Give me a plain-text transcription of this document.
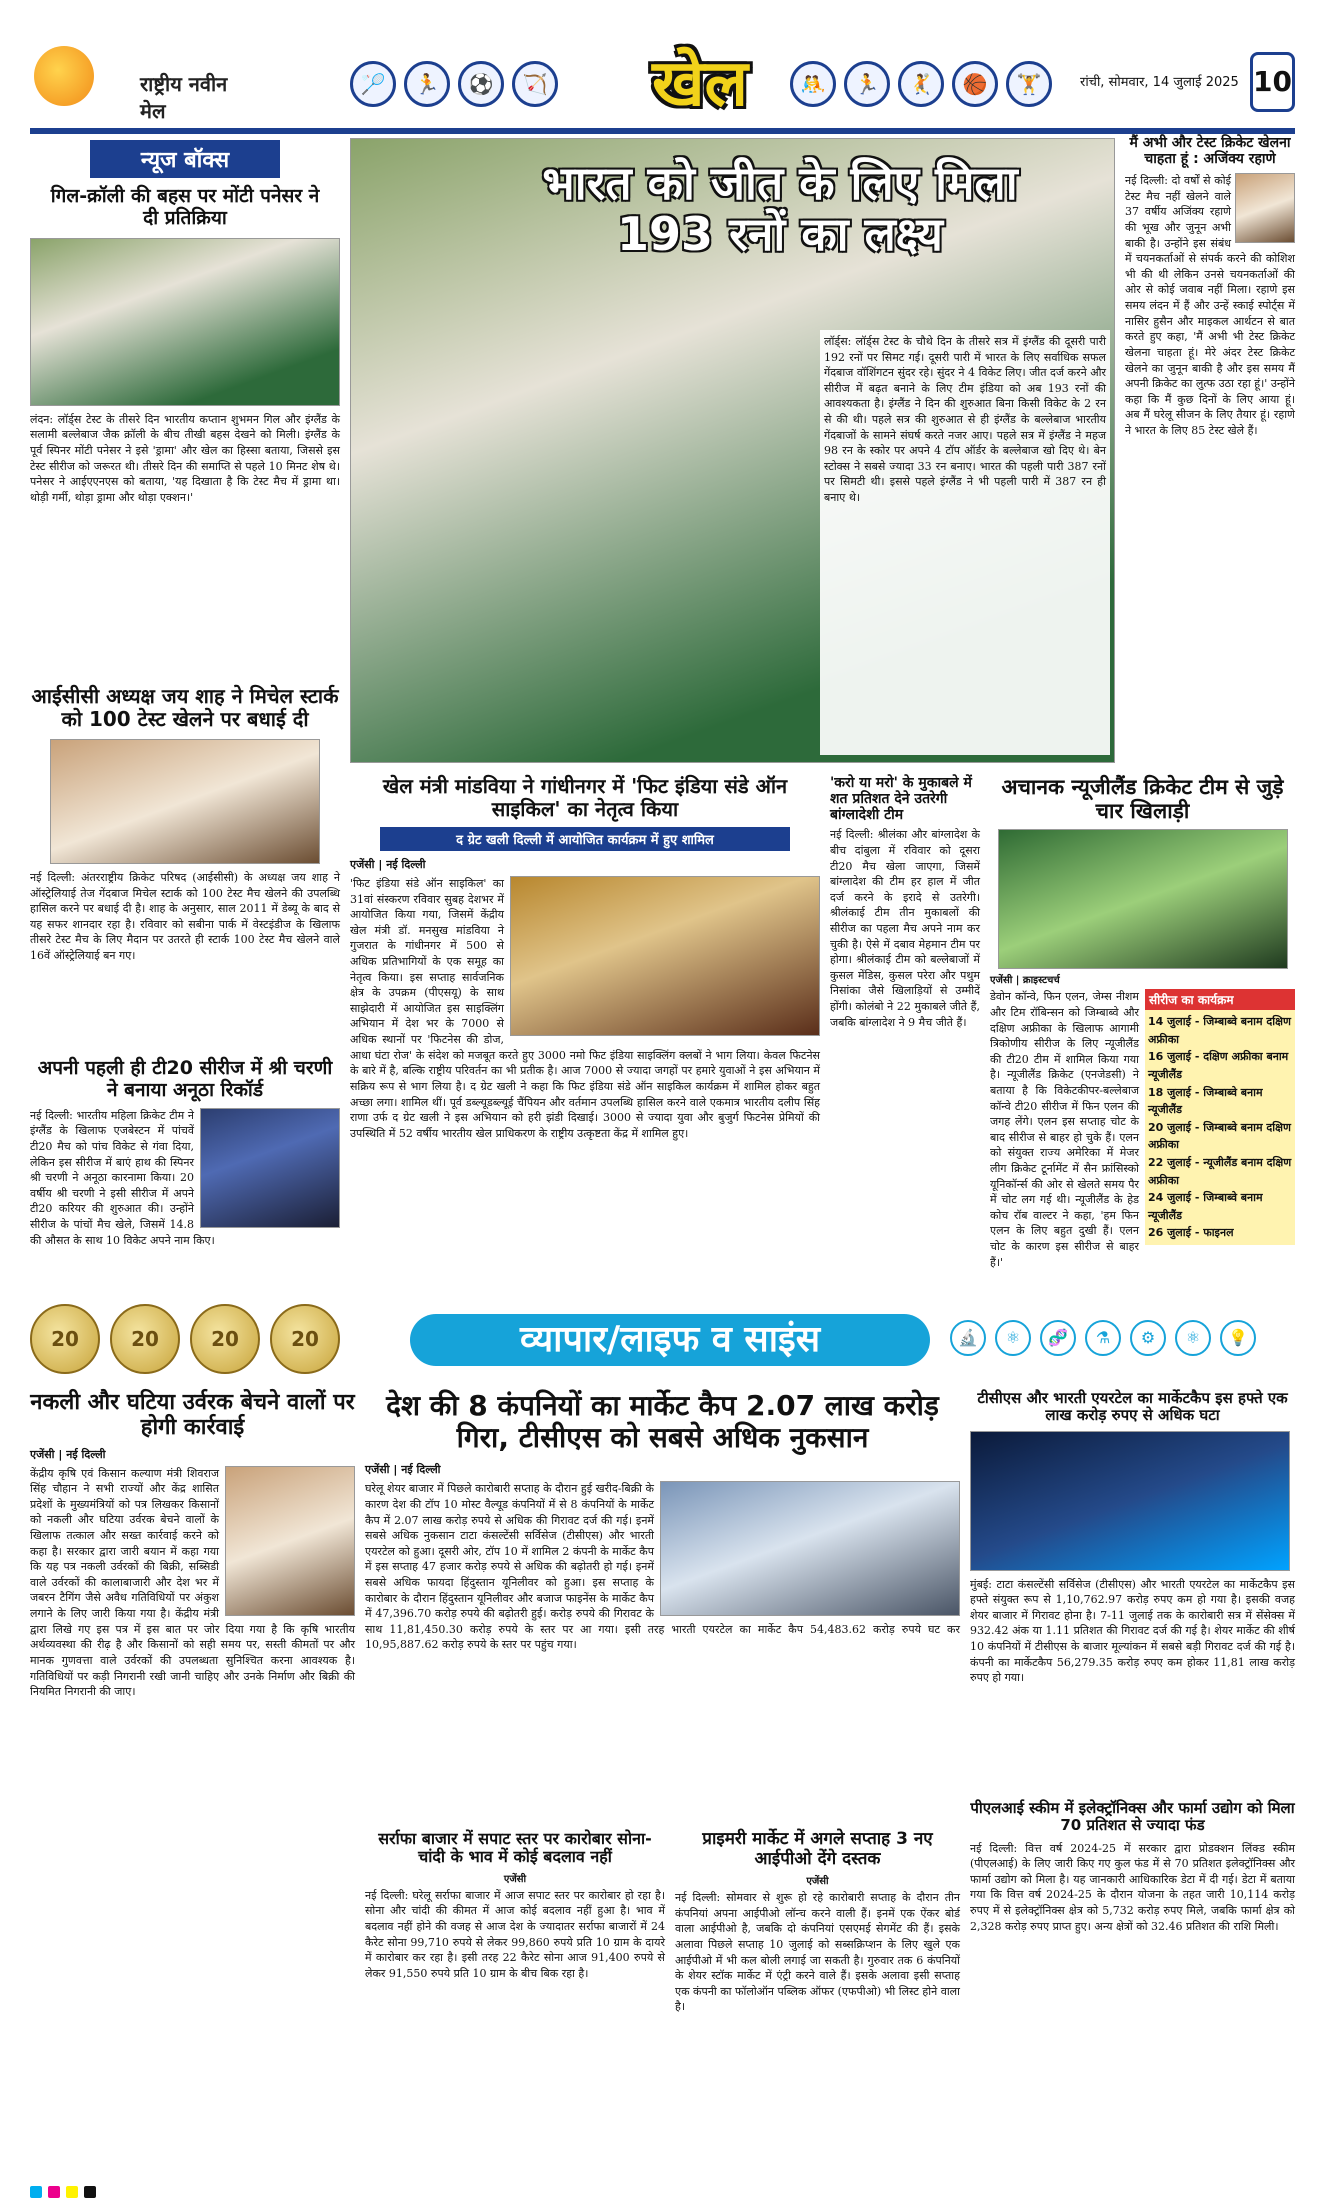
राष्ट्रीय नवीन मेल
🏸	🏃	⚽	🏹	खेल	🤼	🏃	🤾	🏀	🏋	रांची, सोमवार, 14 जुलाई 2025 10
न्यूज बॉक्स
गिल-क्रॉली की बहस पर मोंटी पनेसर ने दी प्रतिक्रिया

लंदन: लॉर्ड्स टेस्ट के तीसरे दिन भारतीय कप्तान शुभमन गिल और इंग्लैंड के सलामी बल्लेबाज जैक क्रॉली के बीच तीखी बहस देखने को मिली। इंग्लैंड के पूर्व स्पिनर मोंटी पनेसर ने इसे 'ड्रामा' और खेल का हिस्सा बताया, जिससे इस टेस्ट सीरीज को जरूरत थी। तीसरे दिन की समाप्ति से पहले 10 मिनट शेष थे। पनेसर ने आईएएनएस को बताया, 'यह दिखाता है कि टेस्ट मैच में ड्रामा था। थोड़ी गर्मी, थोड़ा ड्रामा और थोड़ा एक्शन।'

आईसीसी अध्यक्ष जय शाह ने मिचेल स्टार्क को 100 टेस्ट खेलने पर बधाई दी

नई दिल्ली: अंतरराष्ट्रीय क्रिकेट परिषद (आईसीसी) के अध्यक्ष जय शाह ने ऑस्ट्रेलियाई तेज गेंदबाज मिचेल स्टार्क को 100 टेस्ट मैच खेलने की उपलब्धि हासिल करने पर बधाई दी है। शाह के अनुसार, साल 2011 में डेब्यू के बाद से यह सफर शानदार रहा है। रविवार को सबीना पार्क में वेस्टइंडीज के खिलाफ तीसरे टेस्ट मैच के लिए मैदान पर उतरते ही स्टार्क 100 टेस्ट मैच खेलने वाले 16वें ऑस्ट्रेलियाई बन गए।

अपनी पहली ही टी20 सीरीज में श्री चरणी ने बनाया अनूठा रिकॉर्ड

नई दिल्ली: भारतीय महिला क्रिकेट टीम ने इंग्लैंड के खिलाफ एजबेस्टन में पांचवें टी20 मैच को पांच विकेट से गंवा दिया, लेकिन इस सीरीज में बाएं हाथ की स्पिनर श्री चरणी ने अनूठा कारनामा किया। 20 वर्षीय श्री चरणी ने इसी सीरीज में अपने टी20 करियर की शुरुआत की। उन्होंने सीरीज के पांचों मैच खेले, जिसमें 14.8 की औसत के साथ 10 विकेट अपने नाम किए।

भारत को जीत के लिए मिला 193 रनों का लक्ष्य

लॉर्ड्स: लॉर्ड्स टेस्ट के चौथे दिन के तीसरे सत्र में इंग्लैंड की दूसरी पारी 192 रनों पर सिमट गई। दूसरी पारी में भारत के लिए सर्वाधिक सफल गेंदबाज वॉशिंगटन सुंदर रहे। सुंदर ने 4 विकेट लिए। जीत दर्ज करने और सीरीज में बढ़त बनाने के लिए टीम इंडिया को अब 193 रनों की आवश्यकता है। इंग्लैंड ने दिन की शुरुआत बिना किसी विकेट के 2 रन से की थी। पहले सत्र की शुरुआत से ही इंग्लैंड के बल्लेबाज भारतीय गेंदबाजों के सामने संघर्ष करते नजर आए। पहले सत्र में इंग्लैंड ने महज 98 रन के स्कोर पर अपने 4 टॉप ऑर्डर के बल्लेबाज खो दिए थे। बेन स्टोक्स ने सबसे ज्यादा 33 रन बनाए। भारत की पहली पारी 387 रनों पर सिमटी थी। इससे पहले इंग्लैंड ने भी पहली पारी में 387 रन ही बनाए थे।

मैं अभी और टेस्ट क्रिकेट खेलना चाहता हूं : अजिंक्य रहाणे

नई दिल्ली: दो वर्षों से कोई टेस्ट मैच नहीं खेलने वाले 37 वर्षीय अजिंक्य रहाणे की भूख और जुनून अभी बाकी है। उन्होंने इस संबंध में चयनकर्ताओं से संपर्क करने की कोशिश भी की थी लेकिन उनसे चयनकर्ताओं की ओर से कोई जवाब नहीं मिला। रहाणे इस समय लंदन में हैं और उन्हें स्काई स्पोर्ट्स में नासिर हुसैन और माइकल आर्थटन से बात करते हुए कहा, 'मैं अभी भी टेस्ट क्रिकेट खेलना चाहता हूं। मेरे अंदर टेस्ट क्रिकेट खेलने का जुनून बाकी है और इस समय मैं अपनी क्रिकेट का लुत्फ उठा रहा हूं।' उन्होंने कहा कि मैं कुछ दिनों के लिए आया हूं। अब मैं घरेलू सीजन के लिए तैयार हूं। रहाणे ने भारत के लिए 85 टेस्ट खेले हैं।

खेल मंत्री मांडविया ने गांधीनगर में 'फिट इंडिया संडे ऑन साइकिल' का नेतृत्व किया
द ग्रेट खली दिल्ली में आयोजित कार्यक्रम में हुए शामिल
एजेंसी | नई दिल्ली

'फिट इंडिया संडे ऑन साइकिल' का 31वां संस्करण रविवार सुबह देशभर में आयोजित किया गया, जिसमें केंद्रीय खेल मंत्री डॉ. मनसुख मांडविया ने गुजरात के गांधीनगर में 500 से अधिक प्रतिभागियों के एक समूह का नेतृत्व किया। इस सप्ताह सार्वजनिक क्षेत्र के उपक्रम (पीएसयू) के साथ साझेदारी में आयोजित इस साइक्लिंग अभियान में देश भर के 7000 से अधिक स्थानों पर 'फिटनेस की डोज, आधा घंटा रोज' के संदेश को मजबूत करते हुए 3000 नमो फिट इंडिया साइक्लिंग क्लबों ने भाग लिया। केवल फिटनेस के बारे में है, बल्कि राष्ट्रीय परिवर्तन का भी प्रतीक है। आज 7000 से ज्यादा जगहों पर हमारे युवाओं ने इस अभियान में सक्रिय रूप से भाग लिया है। द ग्रेट खली ने कहा कि फिट इंडिया संडे ऑन साइकिल कार्यक्रम में शामिल होकर बहुत अच्छा लगा। शामिल थीं। पूर्व डब्ल्यूडब्ल्यूई चैंपियन और वर्तमान उपलब्धि हासिल करने वाले एकमात्र भारतीय दलीप सिंह राणा उर्फ द ग्रेट खली ने इस अभियान को हरी झंडी दिखाई। 3000 से ज्यादा युवा और बुजुर्ग फिटनेस प्रेमियों की उपस्थिति में 52 वर्षीय भारतीय खेल प्राधिकरण के राष्ट्रीय उत्कृष्टता केंद्र में शामिल हुए।

'करो या मरो' के मुकाबले में शत प्रतिशत देने उतरेगी बांग्लादेशी टीम

नई दिल्ली: श्रीलंका और बांग्लादेश के बीच दांबुला में रविवार को दूसरा टी20 मैच खेला जाएगा, जिसमें बांग्लादेश की टीम हर हाल में जीत दर्ज करने के इरादे से उतरेगी। श्रीलंकाई टीम तीन मुकाबलों की सीरीज का पहला मैच अपने नाम कर चुकी है। ऐसे में दबाव मेहमान टीम पर होगा। श्रीलंकाई टीम को बल्लेबाजों में कुसल मेंडिस, कुसल परेरा और पथुम निसांका जैसे खिलाड़ियों से उम्मीदें होंगी। कोलंबो ने 22 मुकाबले जीते हैं, जबकि बांग्लादेश ने 9 मैच जीते हैं।

अचानक न्यूजीलैंड क्रिकेट टीम से जुड़े चार खिलाड़ी
एजेंसी | क्राइस्टचर्च
सीरीज का कार्यक्रम
14 जुलाई - जिम्बाब्वे बनाम दक्षिण अफ्रीका
16 जुलाई - दक्षिण अफ्रीका बनाम न्यूजीलैंड
18 जुलाई - जिम्बाब्वे बनाम न्यूजीलैंड
20 जुलाई - जिम्बाब्वे बनाम दक्षिण अफ्रीका
22 जुलाई - न्यूजीलैंड बनाम दक्षिण अफ्रीका
24 जुलाई - जिम्बाब्वे बनाम न्यूजीलैंड
26 जुलाई - फाइनल

डेवोन कॉन्वे, फिन एलन, जेम्स नीशम और टिम रॉबिन्सन को जिम्बाब्वे और दक्षिण अफ्रीका के खिलाफ आगामी त्रिकोणीय सीरीज के लिए न्यूजीलैंड की टी20 टीम में शामिल किया गया है। न्यूजीलैंड क्रिकेट (एनजेडसी) ने बताया है कि विकेटकीपर-बल्लेबाज कॉन्वे टी20 सीरीज में फिन एलन की जगह लेंगे। एलन इस सप्ताह चोट के बाद सीरीज से बाहर हो चुके हैं। एलन को संयुक्त राज्य अमेरिका में मेजर लीग क्रिकेट टूर्नामेंट में सैन फ्रांसिस्को यूनिकॉर्न्स की ओर से खेलते समय पैर में चोट लग गई थी। न्यूजीलैंड के हेड कोच रॉब वाल्टर ने कहा, 'हम फिन एलन के लिए बहुत दुखी हैं। एलन चोट के कारण इस सीरीज से बाहर हैं।'

20	20	20	20	व्यापार/लाइफ व साइंस	🔬	⚛	🧬	⚗	⚙	⚛	💡
नकली और घटिया उर्वरक बेचने वालों पर होगी कार्रवाई
एजेंसी | नई दिल्ली

केंद्रीय कृषि एवं किसान कल्याण मंत्री शिवराज सिंह चौहान ने सभी राज्यों और केंद्र शासित प्रदेशों के मुख्यमंत्रियों को पत्र लिखकर किसानों को नकली और घटिया उर्वरक बेचने वालों के खिलाफ तत्काल और सख्त कार्रवाई करने को कहा है। सरकार द्वारा जारी बयान में कहा गया कि यह पत्र नकली उर्वरकों की बिक्री, सब्सिडी वाले उर्वरकों की कालाबाजारी और देश भर में जबरन टैगिंग जैसे अवैध गतिविधियों पर अंकुश लगाने के लिए जारी किया गया है। केंद्रीय मंत्री द्वारा लिखे गए इस पत्र में इस बात पर जोर दिया गया है कि कृषि भारतीय अर्थव्यवस्था की रीढ़ है और किसानों को सही समय पर, सस्ती कीमतों पर और मानक गुणवत्ता वाले उर्वरकों की उपलब्धता सुनिश्चित करना आवश्यक है। गतिविधियों पर कड़ी निगरानी रखी जानी चाहिए और उनके निर्माण और बिक्री की नियमित निगरानी की जाए।

देश की 8 कंपनियों का मार्केट कैप 2.07 लाख करोड़ गिरा, टीसीएस को सबसे अधिक नुकसान
एजेंसी | नई दिल्ली

घरेलू शेयर बाजार में पिछले कारोबारी सप्ताह के दौरान हुई खरीद-बिक्री के कारण देश की टॉप 10 मोस्ट वैल्यूड कंपनियों में से 8 कंपनियों के मार्केट कैप में 2.07 लाख करोड़ रुपये से अधिक की गिरावट दर्ज की गई। इनमें सबसे अधिक नुकसान टाटा कंसल्टेंसी सर्विसेज (टीसीएस) और भारती एयरटेल को हुआ। दूसरी ओर, टॉप 10 में शामिल 2 कंपनी के मार्केट कैप में इस सप्ताह 47 हजार करोड़ रुपये से अधिक की बढ़ोतरी हो गई। इनमें सबसे अधिक फायदा हिंदुस्तान यूनिलीवर को हुआ। इस सप्ताह के कारोबार के दौरान हिंदुस्तान यूनिलीवर और बजाज फाइनेंस के मार्केट कैप में 47,396.70 करोड़ रुपये की बढ़ोतरी हुई। करोड़ रुपये की गिरावट के साथ 11,81,450.30 करोड़ रुपये के स्तर पर आ गया। इसी तरह भारती एयरटेल का मार्केट कैप 54,483.62 करोड़ रुपये घट कर 10,95,887.62 करोड़ रुपये के स्तर पर पहुंच गया।

टीसीएस और भारती एयरटेल का मार्केटकैप इस हफ्ते एक लाख करोड़ रुपए से अधिक घटा

मुंबई: टाटा कंसल्टेंसी सर्विसेज (टीसीएस) और भारती एयरटेल का मार्केटकैप इस हफ्ते संयुक्त रूप से 1,10,762.97 करोड़ रुपए कम हो गया है। इसकी वजह शेयर बाजार में गिरावट होना है। 7-11 जुलाई तक के कारोबारी सत्र में सेंसेक्स में 932.42 अंक या 1.11 प्रतिशत की गिरावट दर्ज की गई है। शेयर मार्केट की शीर्ष 10 कंपनियों में टीसीएस के बाजार मूल्यांकन में सबसे बड़ी गिरावट दर्ज की गई है। कंपनी का मार्केटकैप 56,279.35 करोड़ रुपए कम होकर 11,81 लाख करोड़ रुपए हो गया।

सर्राफा बाजार में सपाट स्तर पर कारोबार सोना-चांदी के भाव में कोई बदलाव नहीं
एजेंसी

नई दिल्ली: घरेलू सर्राफा बाजार में आज सपाट स्तर पर कारोबार हो रहा है। सोना और चांदी की कीमत में आज कोई बदलाव नहीं हुआ है। भाव में बदलाव नहीं होने की वजह से आज देश के ज्यादातर सर्राफा बाजारों में 24 कैरेट सोना 99,710 रुपये से लेकर 99,860 रुपये प्रति 10 ग्राम के दायरे में कारोबार कर रहा है। इसी तरह 22 कैरेट सोना आज 91,400 रुपये से लेकर 91,550 रुपये प्रति 10 ग्राम के बीच बिक रहा है।

प्राइमरी मार्केट में अगले सप्ताह 3 नए आईपीओ देंगे दस्तक
एजेंसी

नई दिल्ली: सोमवार से शुरू हो रहे कारोबारी सप्ताह के दौरान तीन कंपनियां अपना आईपीओ लॉन्च करने वाली हैं। इनमें एक ऐंकर बोर्ड वाला आईपीओ है, जबकि दो कंपनियां एसएमई सेगमेंट की हैं। इसके अलावा पिछले सप्ताह 10 जुलाई को सब्सक्रिप्शन के लिए खुले एक आईपीओ में भी कल बोली लगाई जा सकती है। गुरुवार तक 6 कंपनियों के शेयर स्टॉक मार्केट में एंट्री करने वाले हैं। इसके अलावा इसी सप्ताह एक कंपनी का फॉलोऑन पब्लिक ऑफर (एफपीओ) भी लिस्ट होने वाला है।

पीएलआई स्कीम में इलेक्ट्रॉनिक्स और फार्मा उद्योग को मिला 70 प्रतिशत से ज्यादा फंड

नई दिल्ली: वित्त वर्ष 2024-25 में सरकार द्वारा प्रोडक्शन लिंक्ड स्कीम (पीएलआई) के लिए जारी किए गए कुल फंड में से 70 प्रतिशत इलेक्ट्रॉनिक्स और फार्मा उद्योग को मिला है। यह जानकारी आधिकारिक डेटा में दी गई। डेटा में बताया गया कि वित्त वर्ष 2024-25 के दौरान योजना के तहत जारी 10,114 करोड़ रुपए में से इलेक्ट्रॉनिक्स क्षेत्र को 5,732 करोड़ रुपए मिले, जबकि फार्मा क्षेत्र को 2,328 करोड़ रुपए प्राप्त हुए। अन्य क्षेत्रों को 32.46 प्रतिशत की राशि मिली।
